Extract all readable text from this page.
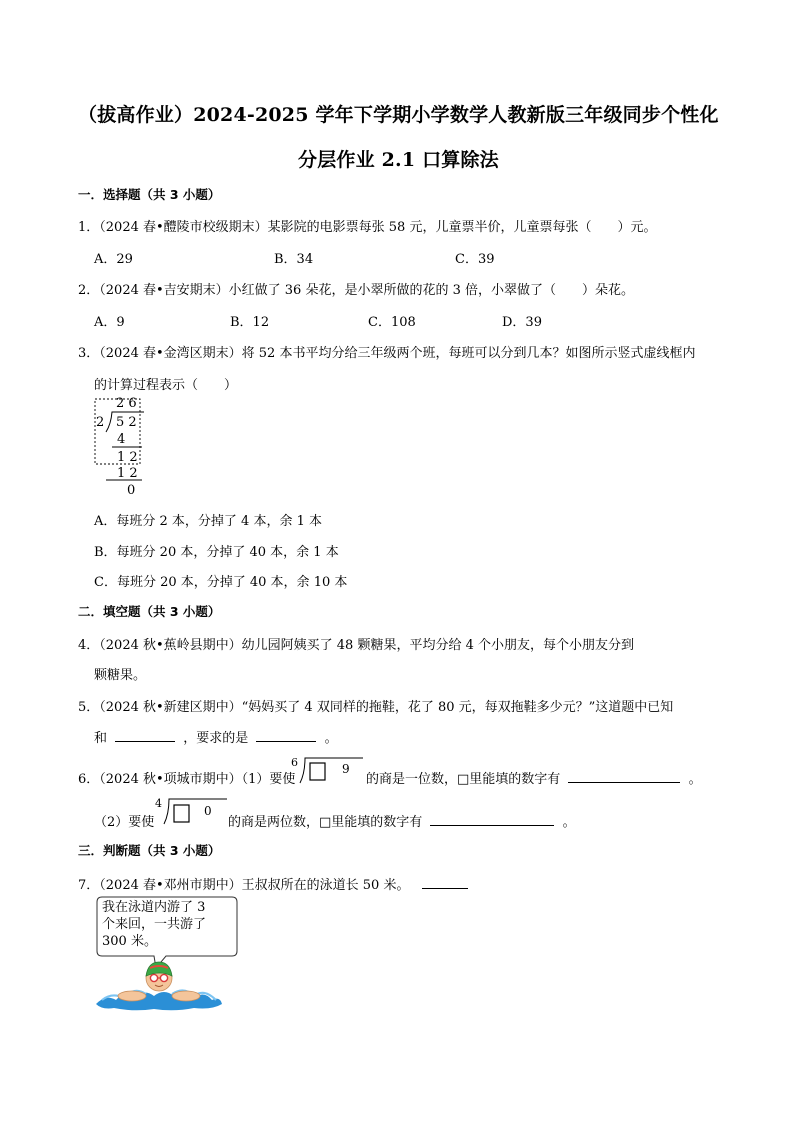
（拔高作业）2024-2025 学年下学期小学数学人教新版三年级同步个性化
分层作业 2.1 口算除法
一．选择题（共 3 小题）
1．（2024 春•醴陵市校级期末）某影院的电影票每张 58 元，儿童票半价，儿童票每张（　　）元。
A．29	B．34	C．39
2．（2024 春•吉安期末）小红做了 36 朵花，是小翠所做的花的 3 倍，小翠做了（　　）朵花。
A．9	B．12	C．108	D．39
3．（2024 春•金湾区期末）将 52 本书平均分给三年级两个班，每班可以分到几本？如图所示竖式虚线框内
的计算过程表示（　　）
2 6
2 5 2
4
1 2
1 2
0
A．每班分 2 本，分掉了 4 本，余 1 本
B．每班分 20 本，分掉了 40 本，余 1 本
C．每班分 20 本，分掉了 40 本，余 10 本
二．填空题（共 3 小题）
4．（2024 秋•蕉岭县期中）幼儿园阿姨买了 48 颗糖果，平均分给 4 个小朋友，每个小朋友分到
颗糖果。
5．（2024 秋•新建区期中）“妈妈买了 4 双同样的拖鞋，花了 80 元，每双拖鞋多少元？”这道题中已知
和	，要求的是	。
6．（2024 秋•项城市期中）（1）要使
6	9
的商是一位数，□里能填的数字有	。
（2）要使
4
0
的商是两位数，□里能填的数字有	。
三．判断题（共 3 小题）
7．（2024 春•邓州市期中）王叔叔所在的泳道长 50 米。
我在泳道内游了 3
个来回，一共游了
300 米。
